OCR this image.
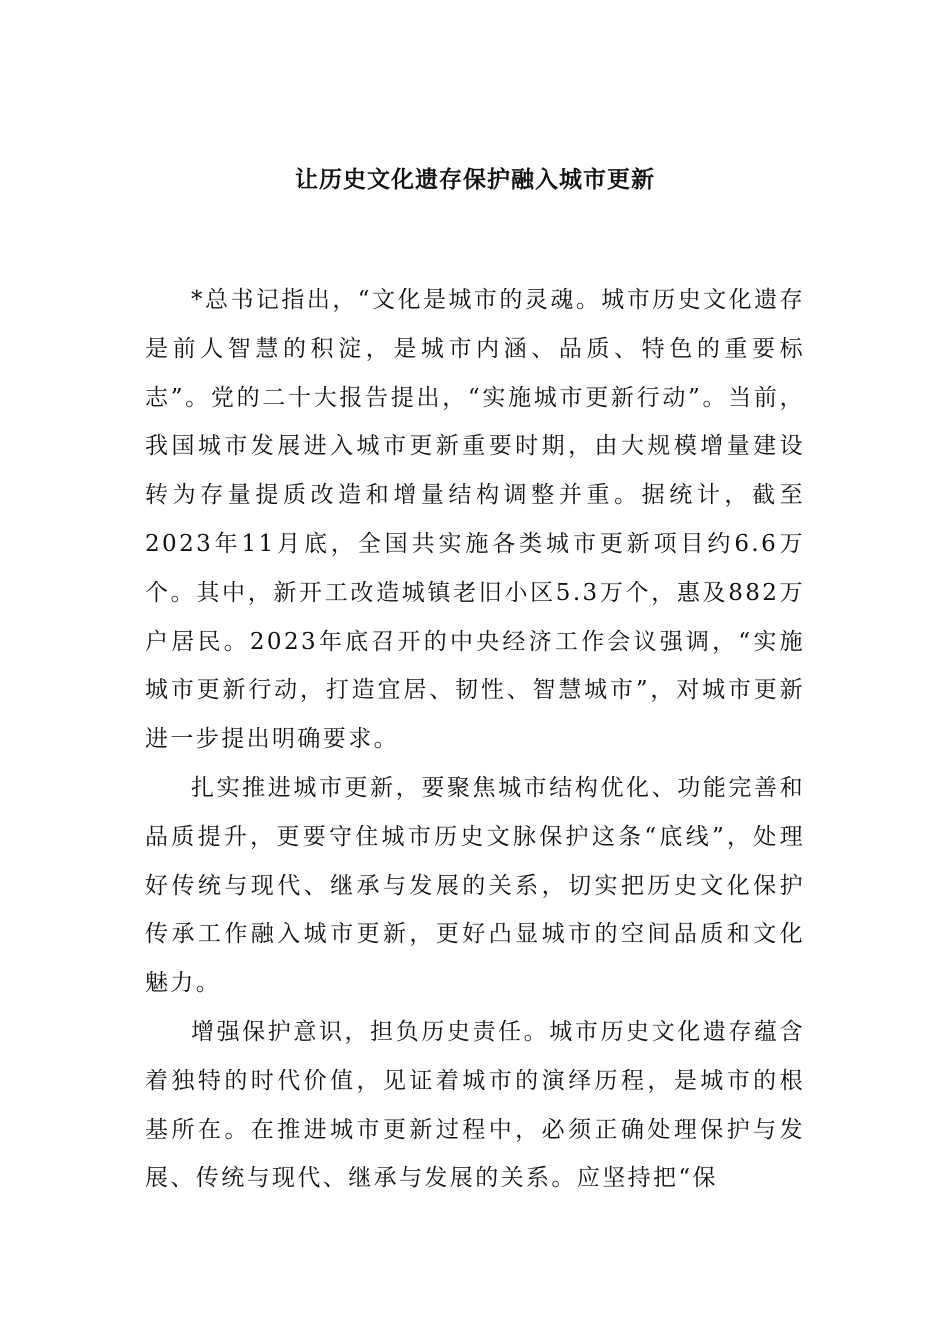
让历史文化遗存保护融入城市更新

*总书记指出，“文化是城市的灵魂。城市历史文化遗存是前人智慧的积淀，是城市内涵、品质、特色的重要标志”。党的二十大报告提出，“实施城市更新行动”。当前，我国城市发展进入城市更新重要时期，由大规模增量建设转为存量提质改造和增量结构调整并重。据统计，截至2023年11月底，全国共实施各类城市更新项目约6.6万个。其中，新开工改造城镇老旧小区5.3万个，惠及882万户居民。2023年底召开的中央经济工作会议强调，“实施城市更新行动，打造宜居、韧性、智慧城市”，对城市更新进一步提出明确要求。

扎实推进城市更新，要聚焦城市结构优化、功能完善和品质提升，更要守住城市历史文脉保护这条“底线”，处理好传统与现代、继承与发展的关系，切实把历史文化保护传承工作融入城市更新，更好凸显城市的空间品质和文化魅力。

增强保护意识，担负历史责任。城市历史文化遗存蕴含着独特的时代价值，见证着城市的演绎历程，是城市的根基所在。在推进城市更新过程中，必须正确处理保护与发展、传统与现代、继承与发展的关系。应坚持把“保
